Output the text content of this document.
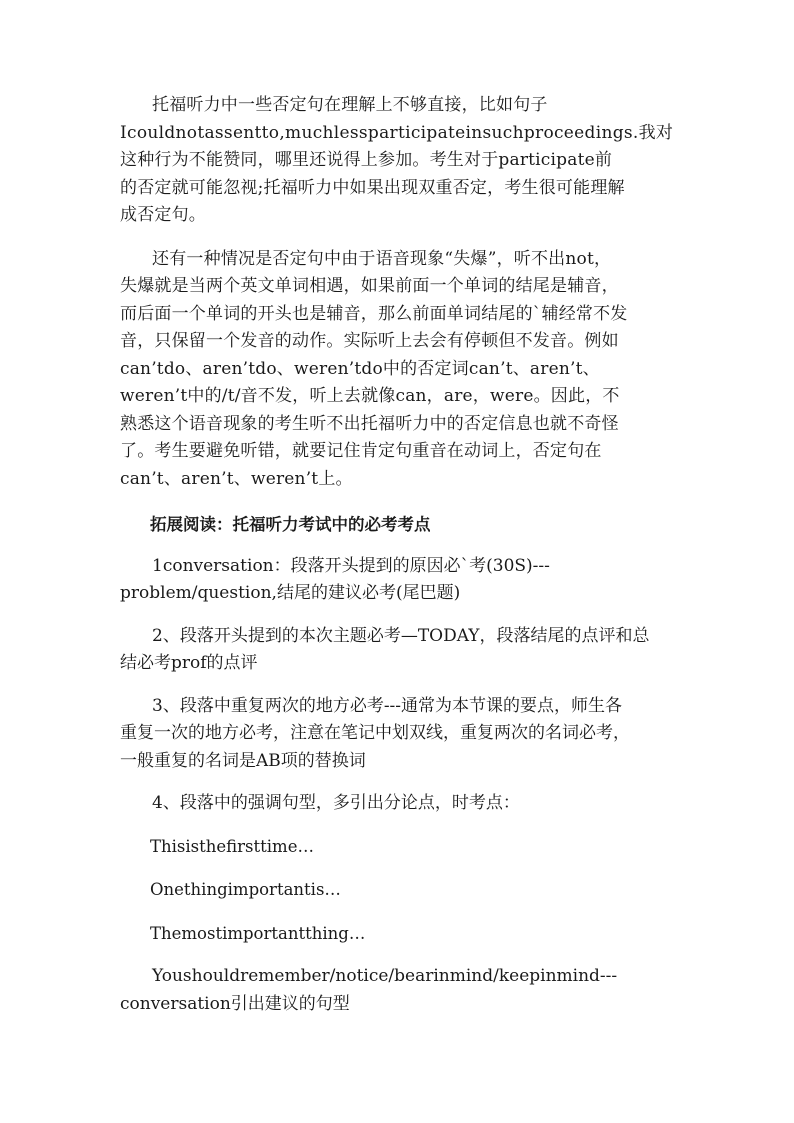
托福听力中一些否定句在理解上不够直接，比如句子
Icouldnotassentto,muchlessparticipateinsuchproceedings.我对
这种行为不能赞同，哪里还说得上参加。考生对于participate前
的否定就可能忽视;托福听力中如果出现双重否定，考生很可能理解
成否定句。

还有一种情况是否定句中由于语音现象“失爆”，听不出not，
失爆就是当两个英文单词相遇，如果前面一个单词的结尾是辅音，
而后面一个单词的开头也是辅音，那么前面单词结尾的`辅经常不发
音，只保留一个发音的动作。实际听上去会有停顿但不发音。例如
can’tdo、aren’tdo、weren’tdo中的否定词can’t、aren’t、
weren’t中的/t/音不发，听上去就像can，are，were。因此，不
熟悉这个语音现象的考生听不出托福听力中的否定信息也就不奇怪
了。考生要避免听错，就要记住肯定句重音在动词上，否定句在
can’t、aren’t、weren’t上。

拓展阅读：托福听力考试中的必考考点

1conversation：段落开头提到的原因必`考(30S)---
problem/question,结尾的建议必考(尾巴题)

2、段落开头提到的本次主题必考—TODAY，段落结尾的点评和总
结必考prof的点评

3、段落中重复两次的地方必考---通常为本节课的要点，师生各
重复一次的地方必考，注意在笔记中划双线，重复两次的名词必考，
一般重复的名词是AB项的替换词

4、段落中的强调句型，多引出分论点，时考点：

Thisisthefirsttime…

Onethingimportantis…

Themostimportantthing…

Youshouldremember/notice/bearinmind/keepinmind---
conversation引出建议的句型
